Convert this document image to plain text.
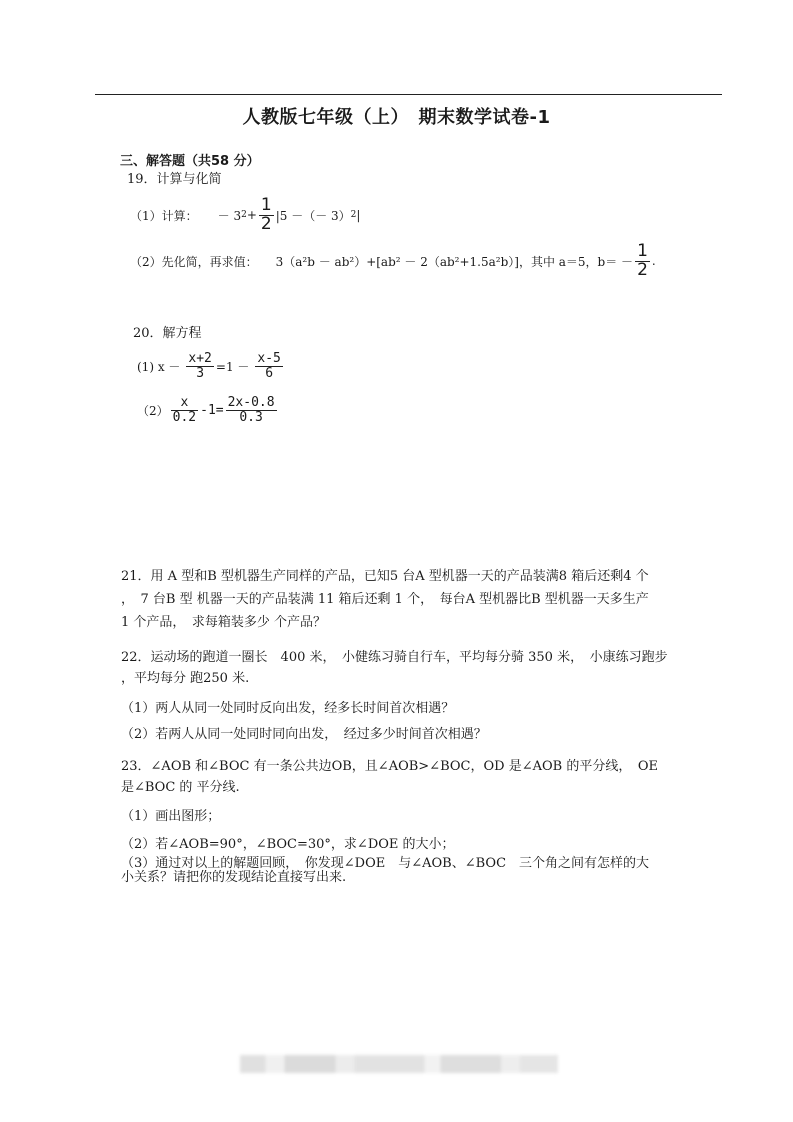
人教版七年级（上）　期末数学试卷-1
三、解答题（共58 分）
19．计算与化简
（1）计算： － 3 $2 + \frac{1}{2} |5$ －（－ 3） 2 |
（2）先化简，再求值： 3（a²b － ab²）+[ab² － 2（ab²+1.5a²b）]，其中 a＝5，$b= - \frac{1}{2}$ .
20．解方程
(1) $x - \frac{x+2}{3} =1 - \frac{x-5}{6}$
$(2) \frac{x}{0.2} -1= \frac{2x-0.8}{0.3}$
21．用 A 型和B 型机器生产同样的产品，已知5 台A 型机器一天的产品装满8 箱后还剩4 个
，　7 台B 型 机器一天的产品装满 11 箱后还剩 1 个，　每台A 型机器比B 型机器一天多生产
1 个产品，　求每箱装多少 个产品？
22．运动场的跑道一圈长　400 米，　小健练习骑自行车，平均每分骑 350 米，　小康练习跑步
，平均每分 跑250 米.
（1）两人从同一处同时反向出发，经多长时间首次相遇？
（2）若两人从同一处同时同向出发，　经过多少时间首次相遇？
23．∠AOB 和∠BOC 有一条公共边OB，且∠AOB>∠BOC，OD 是∠AOB 的平分线，　OE
是∠BOC 的 平分线.
（1）画出图形；
（2）若∠AOB=90°，∠BOC=30°，求∠DOE 的大小；
（3）通过对以上的解题回顾，　你发现∠DOE　与∠AOB、∠BOC　三个角之间有怎样的大
小关系？请把你的发现结论直接写出来.
